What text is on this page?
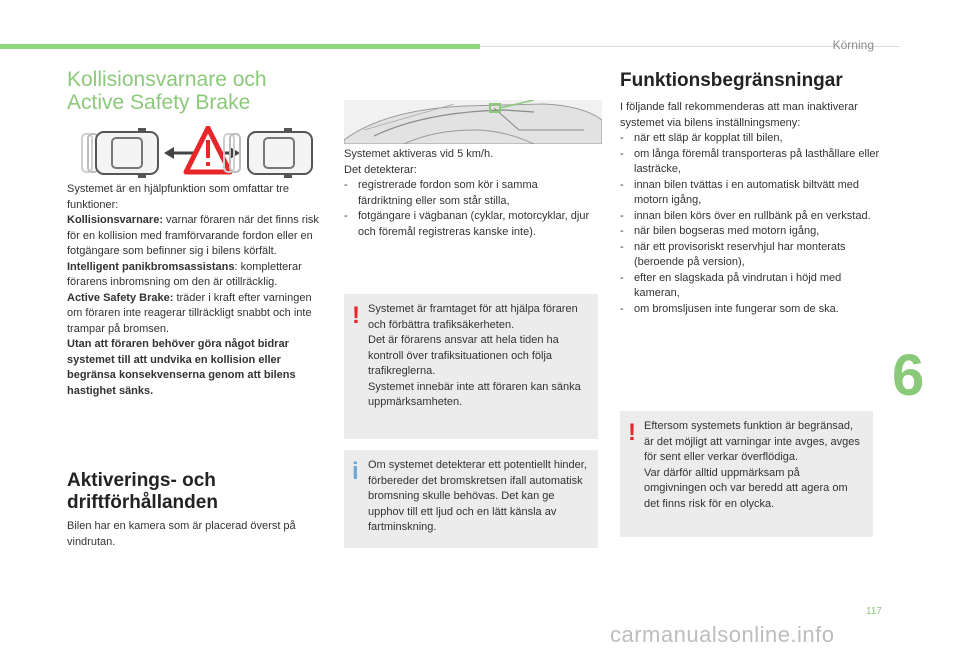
Körning
Kollisionsvarnare och Active Safety Brake
Systemet är en hjälpfunktion som omfattar tre funktioner:
Kollisionsvarnare: varnar föraren när det finns risk för en kollision med framförvarande fordon eller en fotgängare som befinner sig i bilens körfält.
Intelligent panikbromsassistans: kompletterar förarens inbromsning om den är otillräcklig.
Active Safety Brake: träder i kraft efter varningen om föraren inte reagerar tillräckligt snabbt och inte trampar på bromsen.
Utan att föraren behöver göra något bidrar systemet till att undvika en kollision eller begränsa konsekvenserna genom att bilens hastighet sänks.
Aktiverings- och driftförhållanden
Bilen har en kamera som är placerad överst på vindrutan.
Systemet aktiveras vid 5 km/h.
Det detekterar:
- registrerade fordon som kör i samma färdriktning eller som står stilla,
- fotgängare i vägbanan (cyklar, motorcyklar, djur och föremål registreras kanske inte).
! Systemet är framtaget för att hjälpa föraren och förbättra trafiksäkerheten.
Det är förarens ansvar att hela tiden ha kontroll över trafiksituationen och följa trafikreglerna.
Systemet innebär inte att föraren kan sänka uppmärksamheten.
i Om systemet detekterar ett potentiellt hinder, förbereder det bromskretsen ifall automatisk bromsning skulle behövas. Det kan ge upphov till ett ljud och en lätt känsla av fartminskning.
Funktionsbegränsningar
I följande fall rekommenderas att man inaktiverar systemet via bilens inställningsmeny:
- när ett släp är kopplat till bilen,
- om långa föremål transporteras på lasthållare eller lasträcke,
- innan bilen tvättas i en automatisk biltvätt med motorn igång,
- innan bilen körs över en rullbänk på en verkstad.
- när bilen bogseras med motorn igång,
- när ett provisoriskt reservhjul har monterats (beroende på version),
- efter en slagskada på vindrutan i höjd med kameran,
- om bromsljusen inte fungerar som de ska.
! Eftersom systemets funktion är begränsad, är det möjligt att varningar inte avges, avges för sent eller verkar överflödiga.
Var därför alltid uppmärksam på omgivningen och var beredd att agera om det finns risk för en olycka.
6
117
carmanualsonline.info
